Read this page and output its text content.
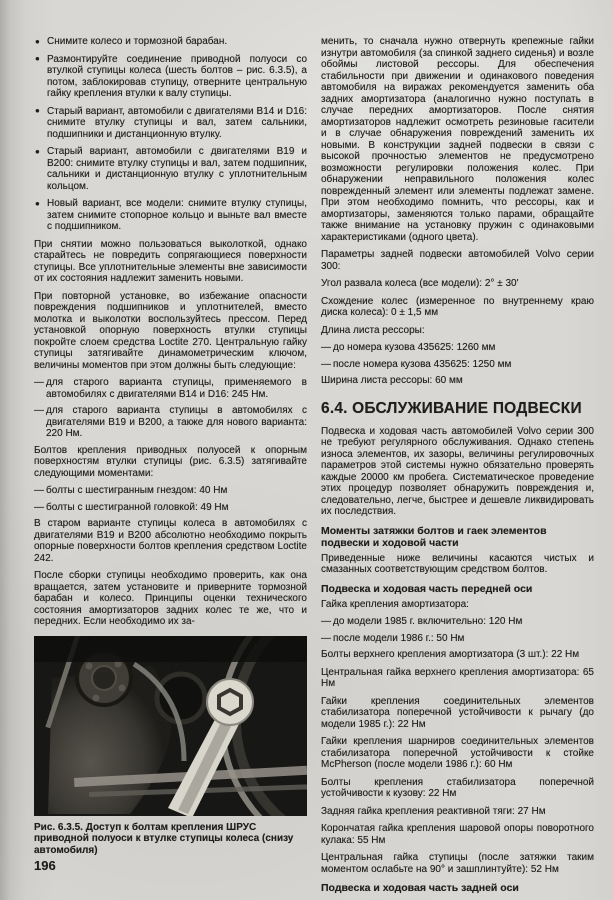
● Снимите колесо и тормозной барабан.
● Размонтируйте соединение приводной полуоси со втулкой ступицы колеса (шесть болтов – рис. 6.3.5), а потом, заблокировав ступицу, отверните центральную гайку крепления втулки к валу ступицы.
● Старый вариант, автомобили с двигателями B14 и D16: снимите втулку ступицы и вал, затем сальники, подшипники и дистанционную втулку.
● Старый вариант, автомобили с двигателями B19 и B200: снимите втулку ступицы и вал, затем подшипник, сальники и дистанционную втулку с уплотнительным кольцом.
● Новый вариант, все модели: снимите втулку ступицы, затем снимите стопорное кольцо и выньте вал вместе с подшипником.
При снятии можно пользоваться выколоткой, однако старайтесь не повредить сопрягающиеся поверхности ступицы. Все уплотнительные элементы вне зависимости от их состояния надлежит заменить новыми.
При повторной установке, во избежание опасности повреждения подшипников и уплотнителей, вместо молотка и выколотки воспользуйтесь прессом. Перед установкой опорную поверхность втулки ступицы покройте слоем средства Loctite 270. Центральную гайку ступицы затягивайте динамометрическим ключом, величины моментов при этом должны быть следующие:
— для старого варианта ступицы, применяемого в автомобилях с двигателями B14 и D16: 245 Нм.
— для старого варианта ступицы в автомобилях с двигателями B19 и B200, а также для нового варианта: 220 Нм.
Болтов крепления приводных полуосей к опорным поверхностям втулки ступицы (рис. 6.3.5) затягивайте следующими моментами:
— болты с шестигранным гнездом: 40 Нм
— болты с шестигранной головкой: 49 Нм
В старом варианте ступицы колеса в автомобилях с двигателями B19 и B200 абсолютно необходимо покрыть опорные поверхности болтов крепления средством Loctite 242.
После сборки ступицы необходимо проверить, как она вращается, затем установите и приверните тормозной барабан и колесо. Принципы оценки технического состояния амортизаторов задних колес те же, что и передних. Если необходимо их за-
Рис. 6.3.5. Доступ к болтам крепления ШРУС приводной полуоси к втулке ступицы колеса (снизу автомобиля)
менить, то сначала нужно отвернуть крепежные гайки изнутри автомобиля (за спинкой заднего сиденья) и возле обоймы листовой рессоры. Для обеспечения стабильности при движении и одинакового поведения автомобиля на виражах рекомендуется заменить оба задних амортизатора (аналогично нужно поступать в случае передних амортизаторов. После снятия амортизаторов надлежит осмотреть резиновые гасители и в случае обнаружения повреждений заменить их новыми. В конструкции задней подвески в связи с высокой прочностью элементов не предусмотрено возможности регулировки положения колес. При обнаружении неправильного положения колес поврежденный элемент или элементы подлежат замене. При этом необходимо помнить, что рессоры, как и амортизаторы, заменяются только парами, обращайте также внимание на установку пружин с одинаковыми характеристиками (одного цвета).
Параметры задней подвески автомобилей Volvo серии 300:
Угол развала колеса (все модели): 2° ± 30'
Схождение колес (измеренное по внутреннему краю диска колеса): 0 ± 1,5 мм
Длина листа рессоры:
— до номера кузова 435625: 1260 мм
— после номера кузова 435625: 1250 мм
Ширина листа рессоры: 60 мм
6.4. ОБСЛУЖИВАНИЕ ПОДВЕСКИ
Подвеска и ходовая часть автомобилей Volvo серии 300 не требуют регулярного обслуживания. Однако степень износа элементов, их зазоры, величины регулировочных параметров этой системы нужно обязательно проверять каждые 20000 км пробега. Систематическое проведение этих процедур позволяет обнаружить повреждения и, следовательно, легче, быстрее и дешевле ликвидировать их последствия.
Моменты затяжки болтов и гаек элементов подвески и ходовой части
Приведенные ниже величины касаются чистых и смазанных соответствующим средством болтов.
Подвеска и ходовая часть передней оси
Гайка крепления амортизатора:
— до модели 1985 г. включительно: 120 Нм
— после модели 1986 г.: 50 Нм
Болты верхнего крепления амортизатора (3 шт.): 22 Нм
Центральная гайка верхнего крепления амортизатора: 65 Нм
Гайки крепления соединительных элементов стабилизатора поперечной устойчивости к рычагу (до модели 1985 г.): 22 Нм
Гайки крепления шарниров соединительных элементов стабилизатора поперечной устойчивости к стойке McPherson (после модели 1986 г.): 60 Нм
Болты крепления стабилизатора поперечной устойчивости к кузову: 22 Нм
Задняя гайка крепления реактивной тяги: 27 Нм
Корончатая гайка крепления шаровой опоры поворотного кулака: 55 Нм
Центральная гайка ступицы (после затяжки таким моментом ослабьте на 90° и зашплинтуйте): 52 Нм
Подвеска и ходовая часть задней оси
196
